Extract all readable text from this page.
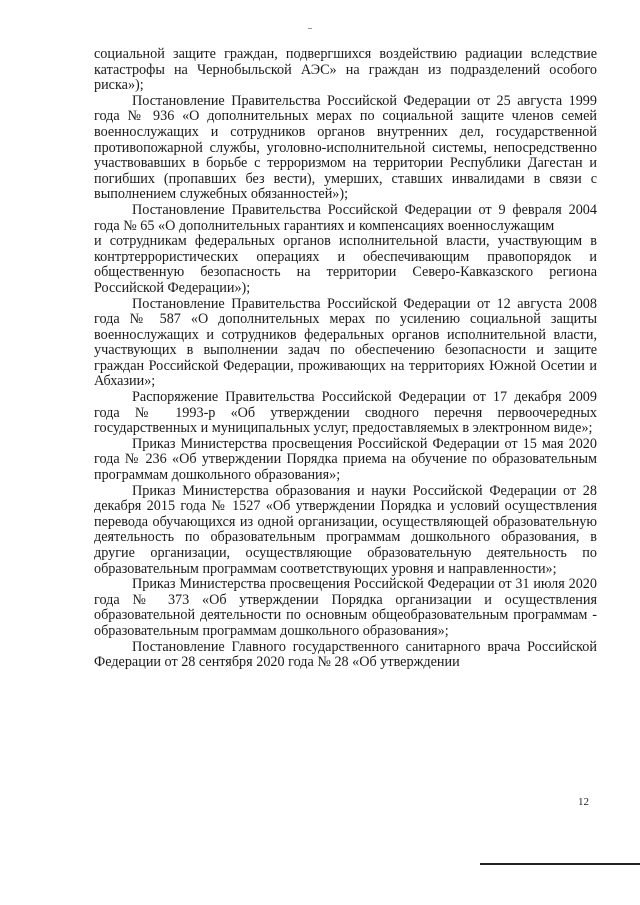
социальной защите граждан, подвергшихся воздействию радиации вследствие катастрофы на Чернобыльской АЭС» на граждан из подразделений особого риска»);

Постановление Правительства Российской Федерации от 25 августа 1999 года № 936 «О дополнительных мерах по социальной защите членов семей военнослужащих и сотрудников органов внутренних дел, государственной противопожарной службы, уголовно-исполнительной системы, непосредственно участвовавших в борьбе с терроризмом на территории Республики Дагестан и погибших (пропавших без вести), умерших, ставших инвалидами в связи с выполнением служебных обязанностей»);

Постановление Правительства Российской Федерации от 9 февраля 2004 года № 65 «О дополнительных гарантиях и компенсациях военнослужащим

и сотрудникам федеральных органов исполнительной власти, участвующим в контртеррористических операциях и обеспечивающим правопорядок и общественную безопасность на территории Северо-Кавказского региона Российской Федерации»);

Постановление Правительства Российской Федерации от 12 августа 2008 года № 587 «О дополнительных мерах по усилению социальной защиты военнослужащих и сотрудников федеральных органов исполнительной власти, участвующих в выполнении задач по обеспечению безопасности и защите граждан Российской Федерации, проживающих на территориях Южной Осетии и Абхазии»;

Распоряжение Правительства Российской Федерации от 17 декабря 2009 года № 1993-р «Об утверждении сводного перечня первоочередных государственных и муниципальных услуг, предоставляемых в электронном виде»;

Приказ Министерства просвещения Российской Федерации от 15 мая 2020 года № 236 «Об утверждении Порядка приема на обучение по образовательным программам дошкольного образования»;

Приказ Министерства образования и науки Российской Федерации от 28 декабря 2015 года № 1527 «Об утверждении Порядка и условий осуществления перевода обучающихся из одной организации, осуществляющей образовательную деятельность по образовательным программам дошкольного образования, в другие организации, осуществляющие образовательную деятельность по образовательным программам соответствующих уровня и направленности»;

Приказ Министерства просвещения Российской Федерации от 31 июля 2020 года № 373 «Об утверждении Порядка организации и осуществления образовательной деятельности по основным общеобразовательным программам - образовательным программам дошкольного образования»;

Постановление Главного государственного санитарного врача Российской Федерации от 28 сентября 2020 года № 28 «Об утверждении

12
